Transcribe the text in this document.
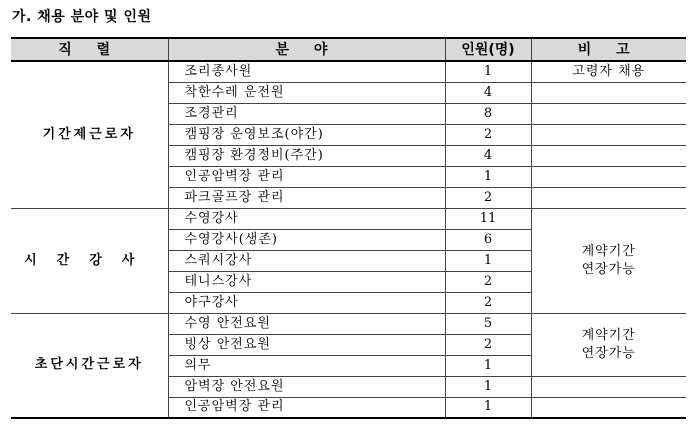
가. 채용 분야 및 인원
직 렬	분 야	인원(명)	비 고
기간제근로자	조리종사원	1	고령자 채용
	착한수레 운전원	4	
	조경관리	8	
	캠핑장 운영보조(야간)	2	
	캠핑장 환경정비(주간)	4	
	인공암벽장 관리	1	
	파크골프장 관리	2	
시간강사	수영강사	11	계약기간
연장가능

	수영강사(생존)	6	
	스쿼시강사	1	
	테니스강사	2	
	야구강사	2	
초단시간근로자	수영 안전요원	5	계약기간
연장가능

	빙상 안전요원	2	
	의무	1	
	암벽장 안전요원	1	
	인공암벽장 관리	1	
